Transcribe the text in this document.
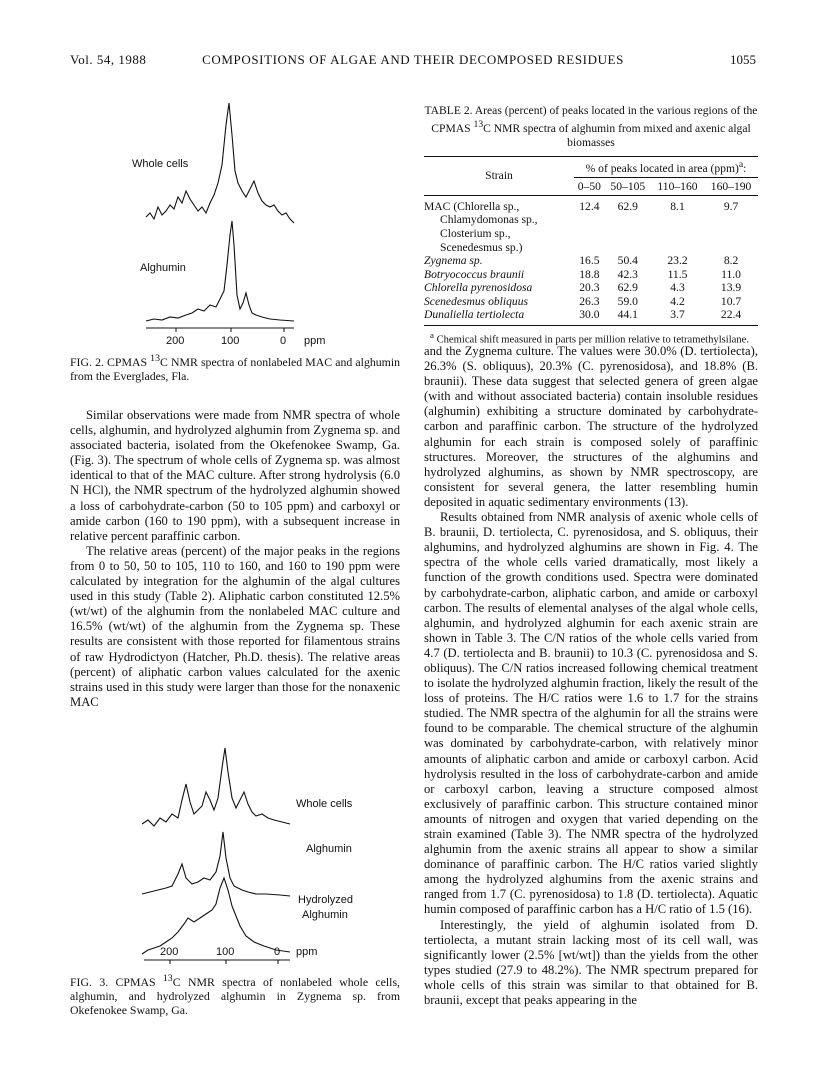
Vol. 54, 1988	COMPOSITIONS OF ALGAE AND THEIR DECOMPOSED RESIDUES	1055
Whole cells
Alghumin
200	100	0 ppm
FIG. 2. CPMAS $^{13}$C NMR spectra of nonlabeled MAC and alghumin from the Everglades, Fla.

Similar observations were made from NMR spectra of whole cells, alghumin, and hydrolyzed alghumin from Zygnema sp. and associated bacteria, isolated from the Okefenokee Swamp, Ga. (Fig. 3). The spectrum of whole cells of Zygnema sp. was almost identical to that of the MAC culture. After strong hydrolysis (6.0 N HCl), the NMR spectrum of the hydrolyzed alghumin showed a loss of carbohydrate-carbon (50 to 105 ppm) and carboxyl or amide carbon (160 to 190 ppm), with a subsequent increase in relative percent paraffinic carbon.

The relative areas (percent) of the major peaks in the regions from 0 to 50, 50 to 105, 110 to 160, and 160 to 190 ppm were calculated by integration for the alghumin of the algal cultures used in this study (Table 2). Aliphatic carbon constituted 12.5% (wt/wt) of the alghumin from the nonlabeled MAC culture and 16.5% (wt/wt) of the alghumin from the Zygnema sp. These results are consistent with those reported for filamentous strains of raw Hydrodictyon (Hatcher, Ph.D. thesis). The relative areas (percent) of aliphatic carbon values calculated for the axenic strains used in this study were larger than those for the nonaxenic MAC

Whole cells
Alghumin
Hydrolyzed
Alghumin
200	100	0 ppm
FIG. 3. CPMAS $^{13}$C NMR spectra of nonlabeled whole cells, alghumin, and hydrolyzed alghumin in Zygnema sp. from Okefenokee Swamp, Ga.
TABLE 2. Areas (percent) of peaks located in the various regions of the CPMAS $^{13}$C NMR spectra of alghumin from mixed and axenic algal biomasses
Strain	% of peaks located in area (ppm)$^a$:			
	0–50	50–105	110–160	160–190
MAC (Chlorella sp., Chlamydomonas sp., Closterium sp., Scenedesmus sp.)	12.4	62.9	8.1	9.7
Zygnema sp.	16.5	50.4	23.2	8.2
Botryococcus braunii	18.8	42.3	11.5	11.0
Chlorella pyrenosidosa	20.3	62.9	4.3	13.9
Scenedesmus obliquus	26.3	59.0	4.2	10.7
Dunaliella tertiolecta	30.0	44.1	3.7	22.4
$^a$ Chemical shift measured in parts per million relative to tetramethylsilane.

and the Zygnema culture. The values were 30.0% (D. tertiolecta), 26.3% (S. obliquus), 20.3% (C. pyrenosidosa), and 18.8% (B. braunii). These data suggest that selected genera of green algae (with and without associated bacteria) contain insoluble residues (alghumin) exhibiting a structure dominated by carbohydrate-carbon and paraffinic carbon. The structure of the hydrolyzed alghumin for each strain is composed solely of paraffinic structures. Moreover, the structures of the alghumins and hydrolyzed alghumins, as shown by NMR spectroscopy, are consistent for several genera, the latter resembling humin deposited in aquatic sedimentary environments (13).

Results obtained from NMR analysis of axenic whole cells of B. braunii, D. tertiolecta, C. pyrenosidosa, and S. obliquus, their alghumins, and hydrolyzed alghumins are shown in Fig. 4. The spectra of the whole cells varied dramatically, most likely a function of the growth conditions used. Spectra were dominated by carbohydrate-carbon, aliphatic carbon, and amide or carboxyl carbon. The results of elemental analyses of the algal whole cells, alghumin, and hydrolyzed alghumin for each axenic strain are shown in Table 3. The C/N ratios of the whole cells varied from 4.7 (D. tertiolecta and B. braunii) to 10.3 (C. pyrenosidosa and S. obliquus). The C/N ratios increased following chemical treatment to isolate the hydrolyzed alghumin fraction, likely the result of the loss of proteins. The H/C ratios were 1.6 to 1.7 for the strains studied. The NMR spectra of the alghumin for all the strains were found to be comparable. The chemical structure of the alghumin was dominated by carbohydrate-carbon, with relatively minor amounts of aliphatic carbon and amide or carboxyl carbon. Acid hydrolysis resulted in the loss of carbohydrate-carbon and amide or carboxyl carbon, leaving a structure composed almost exclusively of paraffinic carbon. This structure contained minor amounts of nitrogen and oxygen that varied depending on the strain examined (Table 3). The NMR spectra of the hydrolyzed alghumin from the axenic strains all appear to show a similar dominance of paraffinic carbon. The H/C ratios varied slightly among the hydrolyzed alghumins from the axenic strains and ranged from 1.7 (C. pyrenosidosa) to 1.8 (D. tertiolecta). Aquatic humin composed of paraffinic carbon has a H/C ratio of 1.5 (16).

Interestingly, the yield of alghumin isolated from D. tertiolecta, a mutant strain lacking most of its cell wall, was significantly lower (2.5% [wt/wt]) than the yields from the other types studied (27.9 to 48.2%). The NMR spectrum prepared for whole cells of this strain was similar to that obtained for B. braunii, except that peaks appearing in the
